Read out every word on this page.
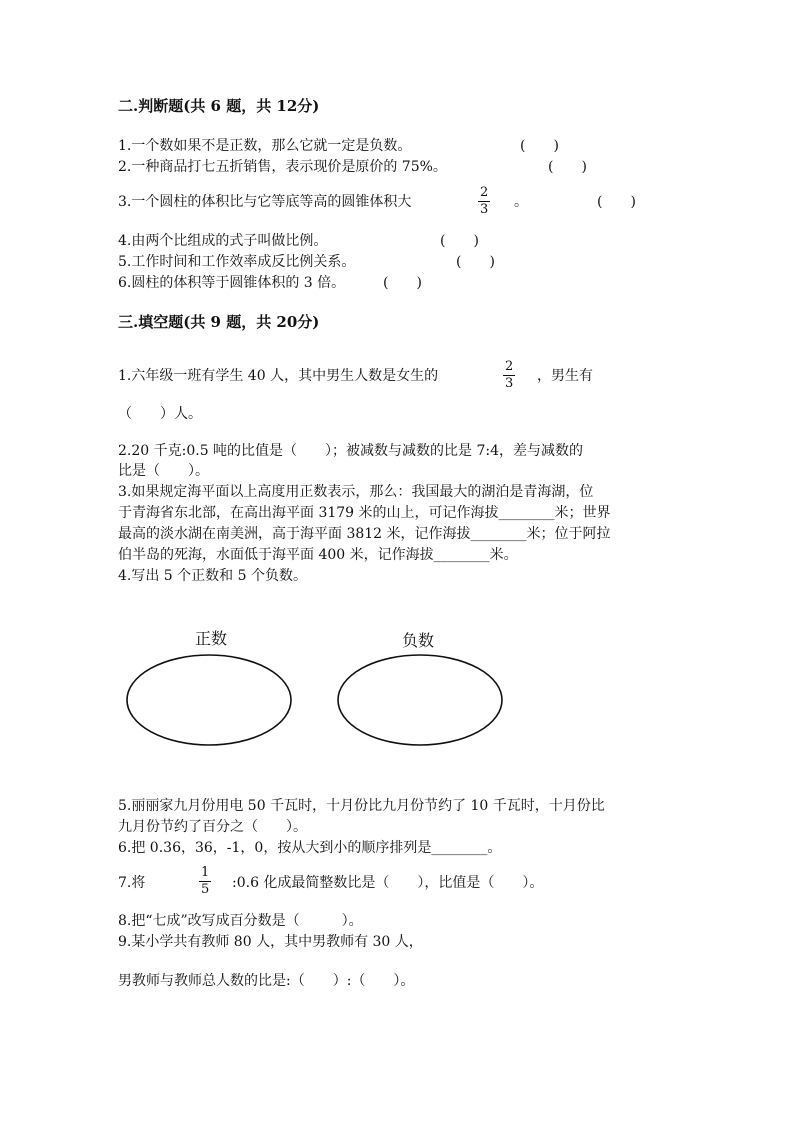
二.判断题(共 6 题，共 12分)
1.一个数如果不是正数，那么它就一定是负数。	(　　)
2.一种商品打七五折销售，表示现价是原价的 75%。	(　　)
3.一个圆柱的体积比与它等底等高的圆锥体积大	$\frac{2}{3}$ 。	(　　)
4.由两个比组成的式子叫做比例。	(　　)
5.工作时间和工作效率成反比例关系。	(　　)
6.圆柱的体积等于圆锥体积的 3 倍。	(　　)
三.填空题(共 9 题，共 20分)
1.六年级一班有学生 40 人，其中男生人数是女生的	$\frac{2}{3}$ ，男生有
（　　）人。
2.20 千克:0.5 吨的比值是（　　）；被减数与减数的比是 7:4，差与减数的
比是（　　）。
3.如果规定海平面以上高度用正数表示，那么：我国最大的湖泊是青海湖，位
于青海省东北部，在高出海平面 3179 米的山上，可记作海拔________米；世界
最高的淡水湖在南美洲，高于海平面 3812 米，记作海拔________米；位于阿拉
伯半岛的死海，水面低于海平面 400 米，记作海拔________米。
4.写出 5 个正数和 5 个负数。
正数	负数
5.丽丽家九月份用电 50 千瓦时，十月份比九月份节约了 10 千瓦时，十月份比
九月份节约了百分之（　　）。
6.把 0.36，36，-1，0，按从大到小的顺序排列是________。
7.将	$\frac{1}{5}$ :0.6 化成最简整数比是（　　），比值是（　　）。
8.把“七成”改写成百分数是（　　　）。
9.某小学共有教师 80 人，其中男教师有 30 人，
男教师与教师总人数的比是:（　　）:（　　）。
